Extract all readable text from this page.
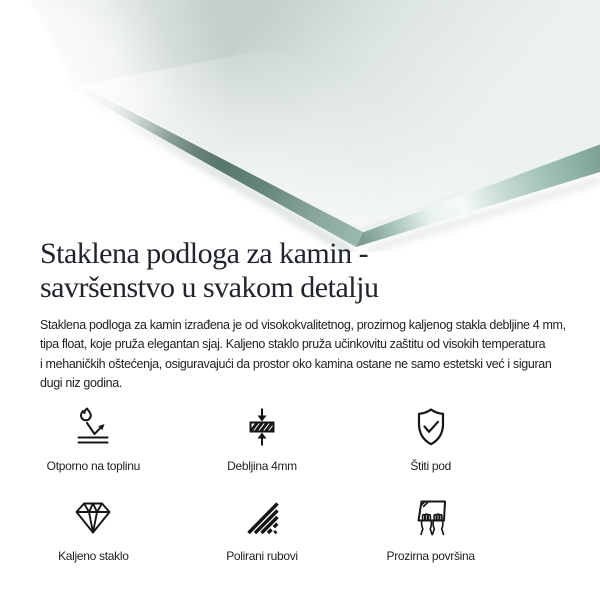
Staklena podloga za kamin -
savršenstvo u svakom detalju
Staklena podloga za kamin izrađena je od visokokvalitetnog, prozirnog kaljenog stakla debljine 4 mm,
tipa float, koje pruža elegantan sjaj. Kaljeno staklo pruža učinkovitu zaštitu od visokih temperatura
i mehaničkih oštećenja, osiguravajući da prostor oko kamina ostane ne samo estetski već i siguran
dugi niz godina.
Otporno na toplinu	Debljina 4mm	Štiti pod
Kaljeno staklo	Polirani rubovi	Prozirna površina
